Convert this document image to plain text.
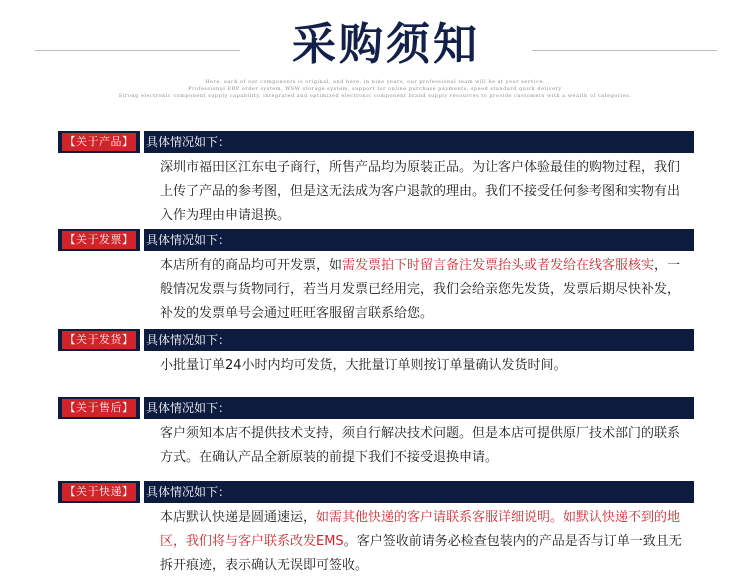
采购须知
Here, each of our components is original, and here, in nine years, our professional team will be at your service.
Professional ERP order system, WSW storage system, support for online purchase payments, speed standard quick delivery
Strong electronic component supply capability, integrated and optimized electronic component brand supply resources to provide customers with a wealth of categories.
【关于产品】 具体情况如下：
深圳市福田区江东电子商行，所售产品均为原装正品。为让客户体验最佳的购物过程，我们上传了产品的参考图，但是这无法成为客户退款的理由。我们不接受任何参考图和实物有出入作为理由申请退换。
【关于发票】 具体情况如下：
本店所有的商品均可开发票，如需发票拍下时留言备注发票抬头或者发给在线客服核实，一般情况发票与货物同行，若当月发票已经用完，我们会给亲您先发货，发票后期尽快补发，补发的发票单号会通过旺旺客服留言联系给您。
【关于发货】 具体情况如下：
小批量订单24小时内均可发货，大批量订单则按订单量确认发货时间。
【关于售后】 具体情况如下：
客户须知本店不提供技术支持，须自行解决技术问题。但是本店可提供原厂技术部门的联系方式。在确认产品全新原装的前提下我们不接受退换申请。
【关于快递】 具体情况如下：
本店默认快递是圆通速运，如需其他快递的客户请联系客服详细说明。如默认快递不到的地区，我们将与客户联系改发EMS。客户签收前请务必检查包装内的产品是否与订单一致且无拆开痕迹，表示确认无误即可签收。
